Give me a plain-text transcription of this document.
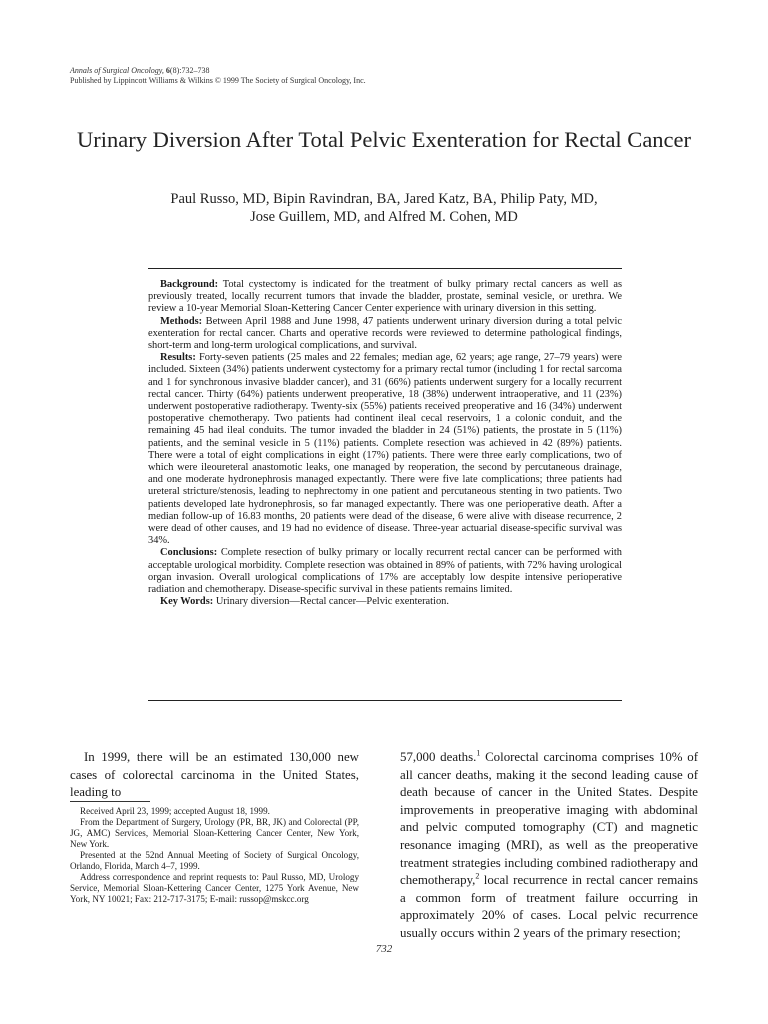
Annals of Surgical Oncology, 6(8):732–738
Published by Lippincott Williams & Wilkins © 1999 The Society of Surgical Oncology, Inc.
Urinary Diversion After Total Pelvic Exenteration for Rectal Cancer
Paul Russo, MD, Bipin Ravindran, BA, Jared Katz, BA, Philip Paty, MD,
Jose Guillem, MD, and Alfred M. Cohen, MD

Background: Total cystectomy is indicated for the treatment of bulky primary rectal cancers as well as previously treated, locally recurrent tumors that invade the bladder, prostate, seminal vesicle, or urethra. We review a 10-year Memorial Sloan-Kettering Cancer Center experience with urinary diversion in this setting.

Methods: Between April 1988 and June 1998, 47 patients underwent urinary diversion during a total pelvic exenteration for rectal cancer. Charts and operative records were reviewed to determine pathological findings, short-term and long-term urological complications, and survival.

Results: Forty-seven patients (25 males and 22 females; median age, 62 years; age range, 27–79 years) were included. Sixteen (34%) patients underwent cystectomy for a primary rectal tumor (including 1 for rectal sarcoma and 1 for synchronous invasive bladder cancer), and 31 (66%) patients underwent surgery for a locally recurrent rectal cancer. Thirty (64%) patients underwent preoperative, 18 (38%) underwent intraoperative, and 11 (23%) underwent postoperative radiotherapy. Twenty-six (55%) patients received preoperative and 16 (34%) underwent postoperative chemotherapy. Two patients had continent ileal cecal reservoirs, 1 a colonic conduit, and the remaining 45 had ileal conduits. The tumor invaded the bladder in 24 (51%) patients, the prostate in 5 (11%) patients, and the seminal vesicle in 5 (11%) patients. Complete resection was achieved in 42 (89%) patients. There were a total of eight complications in eight (17%) patients. There were three early complications, two of which were ileoureteral anastomotic leaks, one managed by reoperation, the second by percutaneous drainage, and one moderate hydronephrosis managed expectantly. There were five late complications; three patients had ureteral stricture/stenosis, leading to nephrectomy in one patient and percutaneous stenting in two patients. Two patients developed late hydronephrosis, so far managed expectantly. There was one perioperative death. After a median follow-up of 16.83 months, 20 patients were dead of the disease, 6 were alive with disease recurrence, 2 were dead of other causes, and 19 had no evidence of disease. Three-year actuarial disease-specific survival was 34%.

Conclusions: Complete resection of bulky primary or locally recurrent rectal cancer can be performed with acceptable urological morbidity. Complete resection was obtained in 89% of patients, with 72% having urological organ invasion. Overall urological complications of 17% are acceptably low despite intensive perioperative radiation and chemotherapy. Disease-specific survival in these patients remains limited.

Key Words: Urinary diversion—Rectal cancer—Pelvic exenteration.

In 1999, there will be an estimated 130,000 new cases of colorectal carcinoma in the United States, leading to

Received April 23, 1999; accepted August 18, 1999.

From the Department of Surgery, Urology (PR, BR, JK) and Colorectal (PP, JG, AMC) Services, Memorial Sloan-Kettering Cancer Center, New York, New York.

Presented at the 52nd Annual Meeting of Society of Surgical Oncology, Orlando, Florida, March 4–7, 1999.

Address correspondence and reprint requests to: Paul Russo, MD, Urology Service, Memorial Sloan-Kettering Cancer Center, 1275 York Avenue, New York, NY 10021; Fax: 212-717-3175; E-mail: russop@mskcc.org

57,000 deaths.$^1$ Colorectal carcinoma comprises 10% of all cancer deaths, making it the second leading cause of death because of cancer in the United States. Despite improvements in preoperative imaging with abdominal and pelvic computed tomography (CT) and magnetic resonance imaging (MRI), as well as the preoperative treatment strategies including combined radiotherapy and chemotherapy,$^2$ local recurrence in rectal cancer remains a common form of treatment failure occurring in approximately 20% of cases. Local pelvic recurrence usually occurs within 2 years of the primary resection;

732
